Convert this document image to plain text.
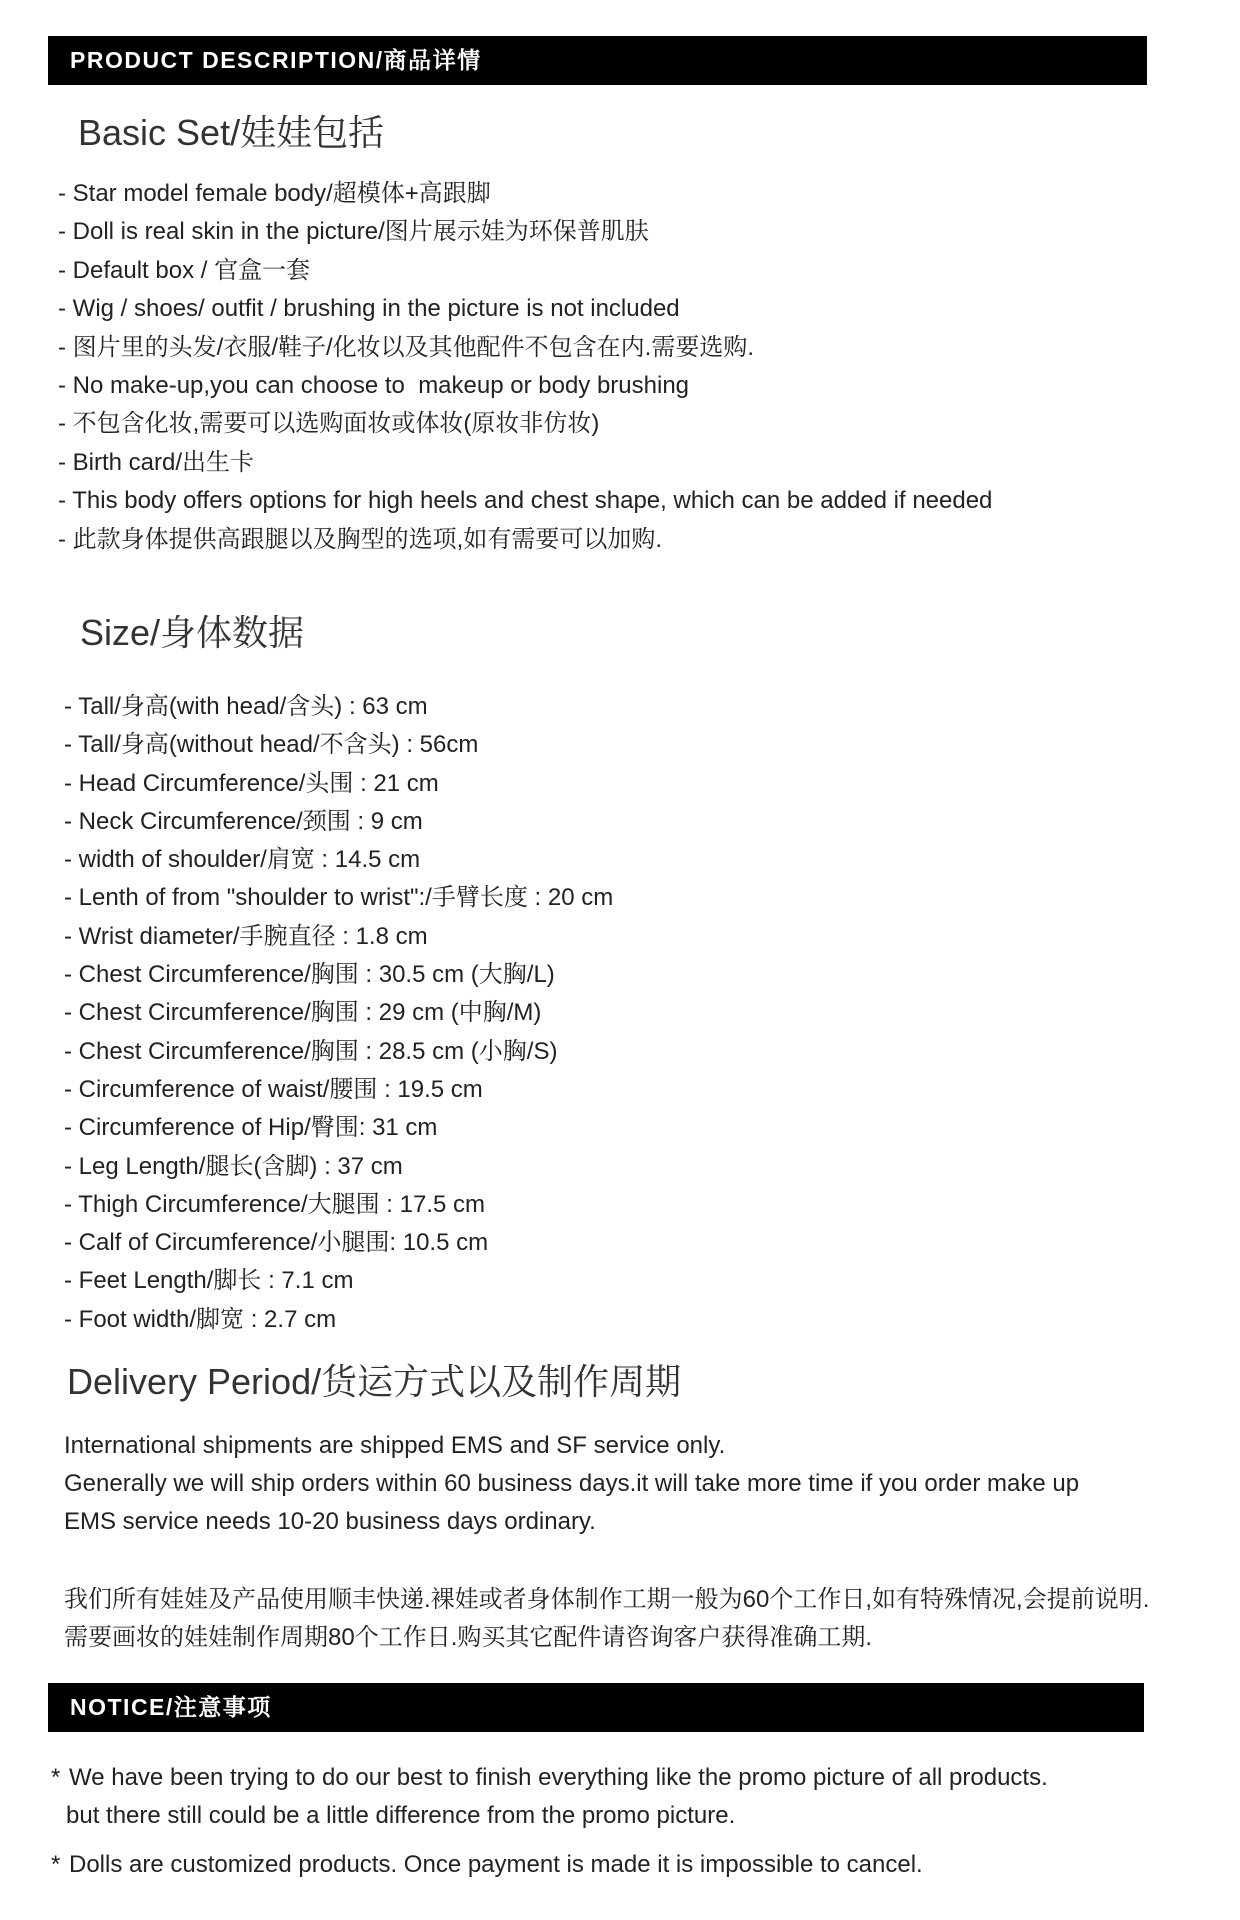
PRODUCT DESCRIPTION/商品详情
Basic Set/娃娃包括
- Star model female body/超模体+高跟脚
- Doll is real skin in the picture/图片展示娃为环保普肌肤
- Default box / 官盒一套
- Wig / shoes/ outfit / brushing in the picture is not included
- 图片里的头发/衣服/鞋子/化妆以及其他配件不包含在内.需要选购.
- No make-up,you can choose to  makeup or body brushing
- 不包含化妆,需要可以选购面妆或体妆(原妆非仿妆)
- Birth card/出生卡
- This body offers options for high heels and chest shape, which can be added if needed
- 此款身体提供高跟腿以及胸型的选项,如有需要可以加购.
Size/身体数据
- Tall/身高(with head/含头) : 63 cm
- Tall/身高(without head/不含头) : 56cm
- Head Circumference/头围 : 21 cm
- Neck Circumference/颈围 : 9 cm
- width of shoulder/肩宽 : 14.5 cm
- Lenth of from "shoulder to wrist":/手臂长度 : 20 cm
- Wrist diameter/手腕直径 : 1.8 cm
- Chest Circumference/胸围 : 30.5 cm (大胸/L)
- Chest Circumference/胸围 : 29 cm (中胸/M)
- Chest Circumference/胸围 : 28.5 cm (小胸/S)
- Circumference of waist/腰围 : 19.5 cm
- Circumference of Hip/臀围: 31 cm
- Leg Length/腿长(含脚) : 37 cm
- Thigh Circumference/大腿围 : 17.5 cm
- Calf of Circumference/小腿围: 10.5 cm
- Feet Length/脚长 : 7.1 cm
- Foot width/脚宽 : 2.7 cm
Delivery Period/货运方式以及制作周期
International shipments are shipped EMS and SF service only.
Generally we will ship orders within 60 business days.it will take more time if you order make up
EMS service needs 10-20 business days ordinary.
我们所有娃娃及产品使用顺丰快递.裸娃或者身体制作工期一般为60个工作日,如有特殊情况,会提前说明.
需要画妆的娃娃制作周期80个工作日.购买其它配件请咨询客户获得准确工期.
NOTICE/注意事项
* We have been trying to do our best to finish everything like the promo picture of all products.
but there still could be a little difference from the promo picture.
* Dolls are customized products. Once payment is made it is impossible to cancel.
